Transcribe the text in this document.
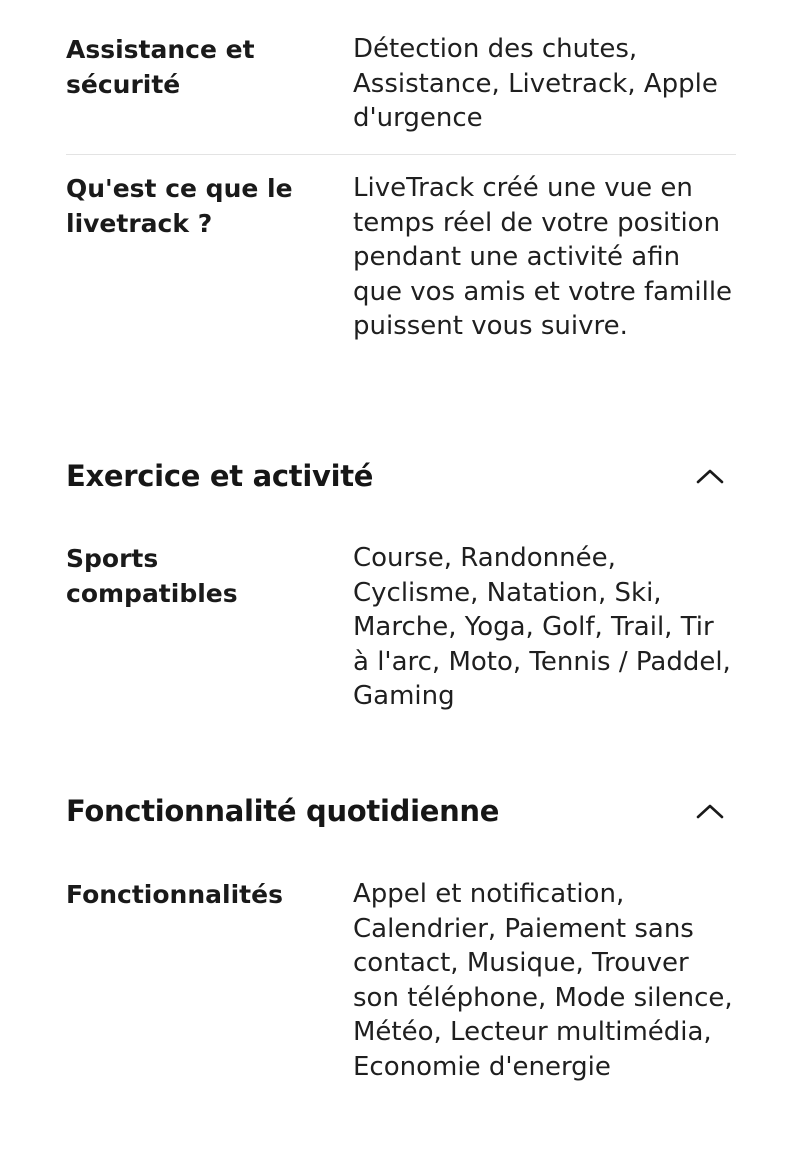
Assistance et sécurité
Détection des chutes, Assistance, Livetrack, Apple d'urgence
Qu'est ce que le livetrack ?
LiveTrack créé une vue en temps réel de votre position pendant une activité afin que vos amis et votre famille puissent vous suivre.
Exercice et activité
Sports compatibles
Course, Randonnée, Cyclisme, Natation, Ski, Marche, Yoga, Golf, Trail, Tir à l'arc, Moto, Tennis / Paddel, Gaming
Fonctionnalité quotidienne
Fonctionnalités	Appel et notification, Calendrier, Paiement sans contact, Musique, Trouver son téléphone, Mode silence, Météo, Lecteur multimédia, Economie d'energie
